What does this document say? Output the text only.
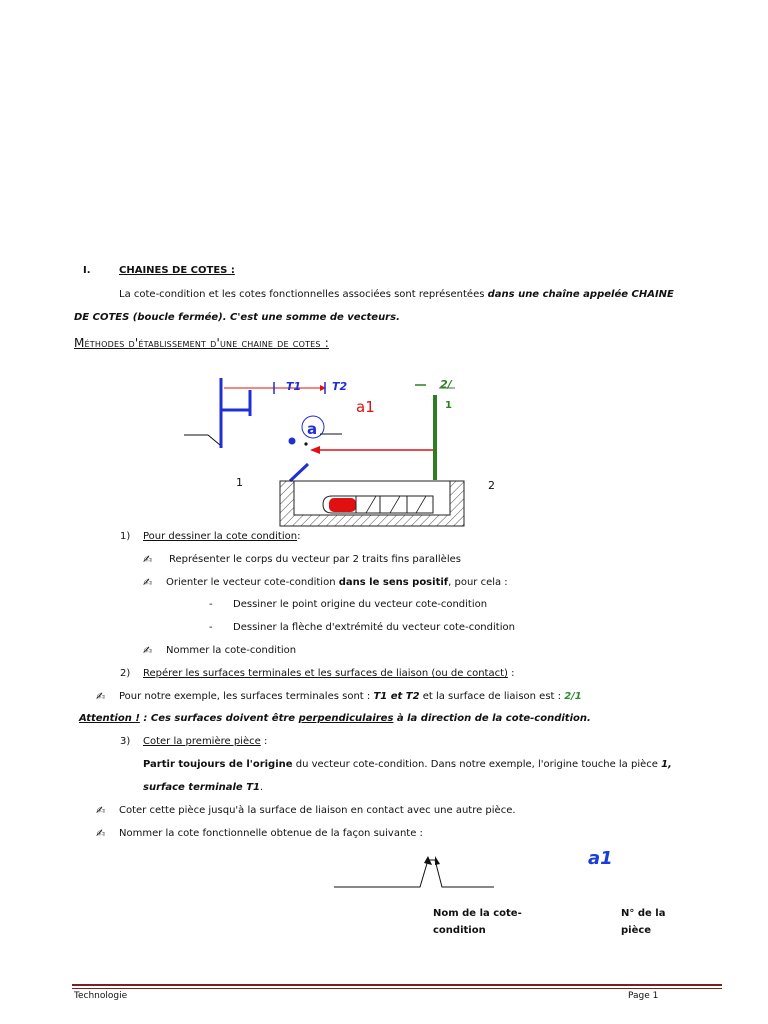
I.	CHAINES DE COTES :
La cote-condition et les cotes fonctionnelles associées sont représentées dans une chaîne appelée CHAINE
DE COTES (boucle fermée). C'est une somme de vecteurs.
Méthodes d'établissement d'une chaine de cotes :
T1	T2
a1
a
2/
1
1	2
1) Pour dessiner la cote condition:
✍ Représenter le corps du vecteur par 2 traits fins parallèles
✍ Orienter le vecteur cote-condition dans le sens positif, pour cela :
- Dessiner le point origine du vecteur cote-condition
- Dessiner la flèche d'extrémité du vecteur cote-condition
✍ Nommer la cote-condition
2) Repérer les surfaces terminales et les surfaces de liaison (ou de contact) :
✍ Pour notre exemple, les surfaces terminales sont : T1 et T2 et la surface de liaison est : 2/1
Attention ! : Ces surfaces doivent être perpendiculaires à la direction de la cote-condition.
3) Coter la première pièce :
Partir toujours de l'origine du vecteur cote-condition. Dans notre exemple, l'origine touche la pièce 1,
surface terminale T1.
✍ Coter cette pièce jusqu'à la surface de liaison en contact avec une autre pièce.
✍ Nommer la cote fonctionnelle obtenue de la façon suivante :
a1
Nom de la cote-
condition
N° de la
pièce
Technologie	Page 1
